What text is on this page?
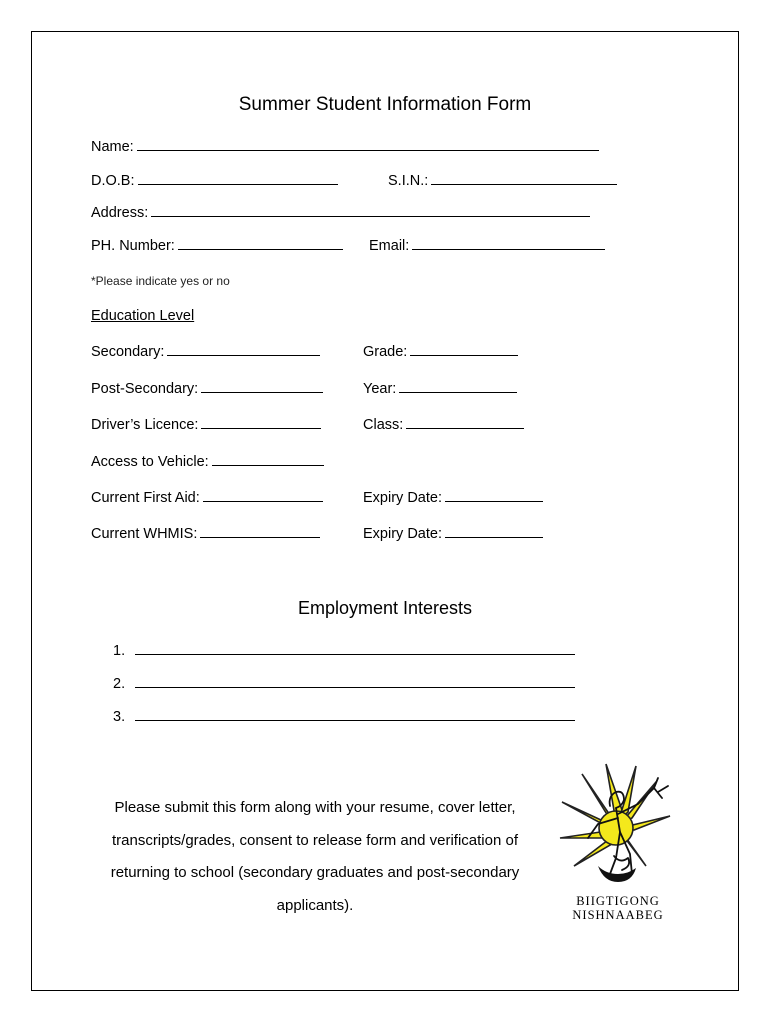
Summer Student Information Form
Name:
D.O.B:	S.I.N.:
Address:
PH. Number:	Email:
*Please indicate yes or no
Education Level
Secondary:	Grade:
Post-Secondary:	Year:
Driver’s Licence:	Class:
Access to Vehicle:
Current First Aid:	Expiry Date:
Current WHMIS:	Expiry Date:
Employment Interests
1.
2.
3.
Please submit this form along with your resume, cover letter, transcripts/grades, consent to release form and verification of returning to school (secondary graduates and post-secondary applicants).	BIIGTIGONG
NISHNAABEG
